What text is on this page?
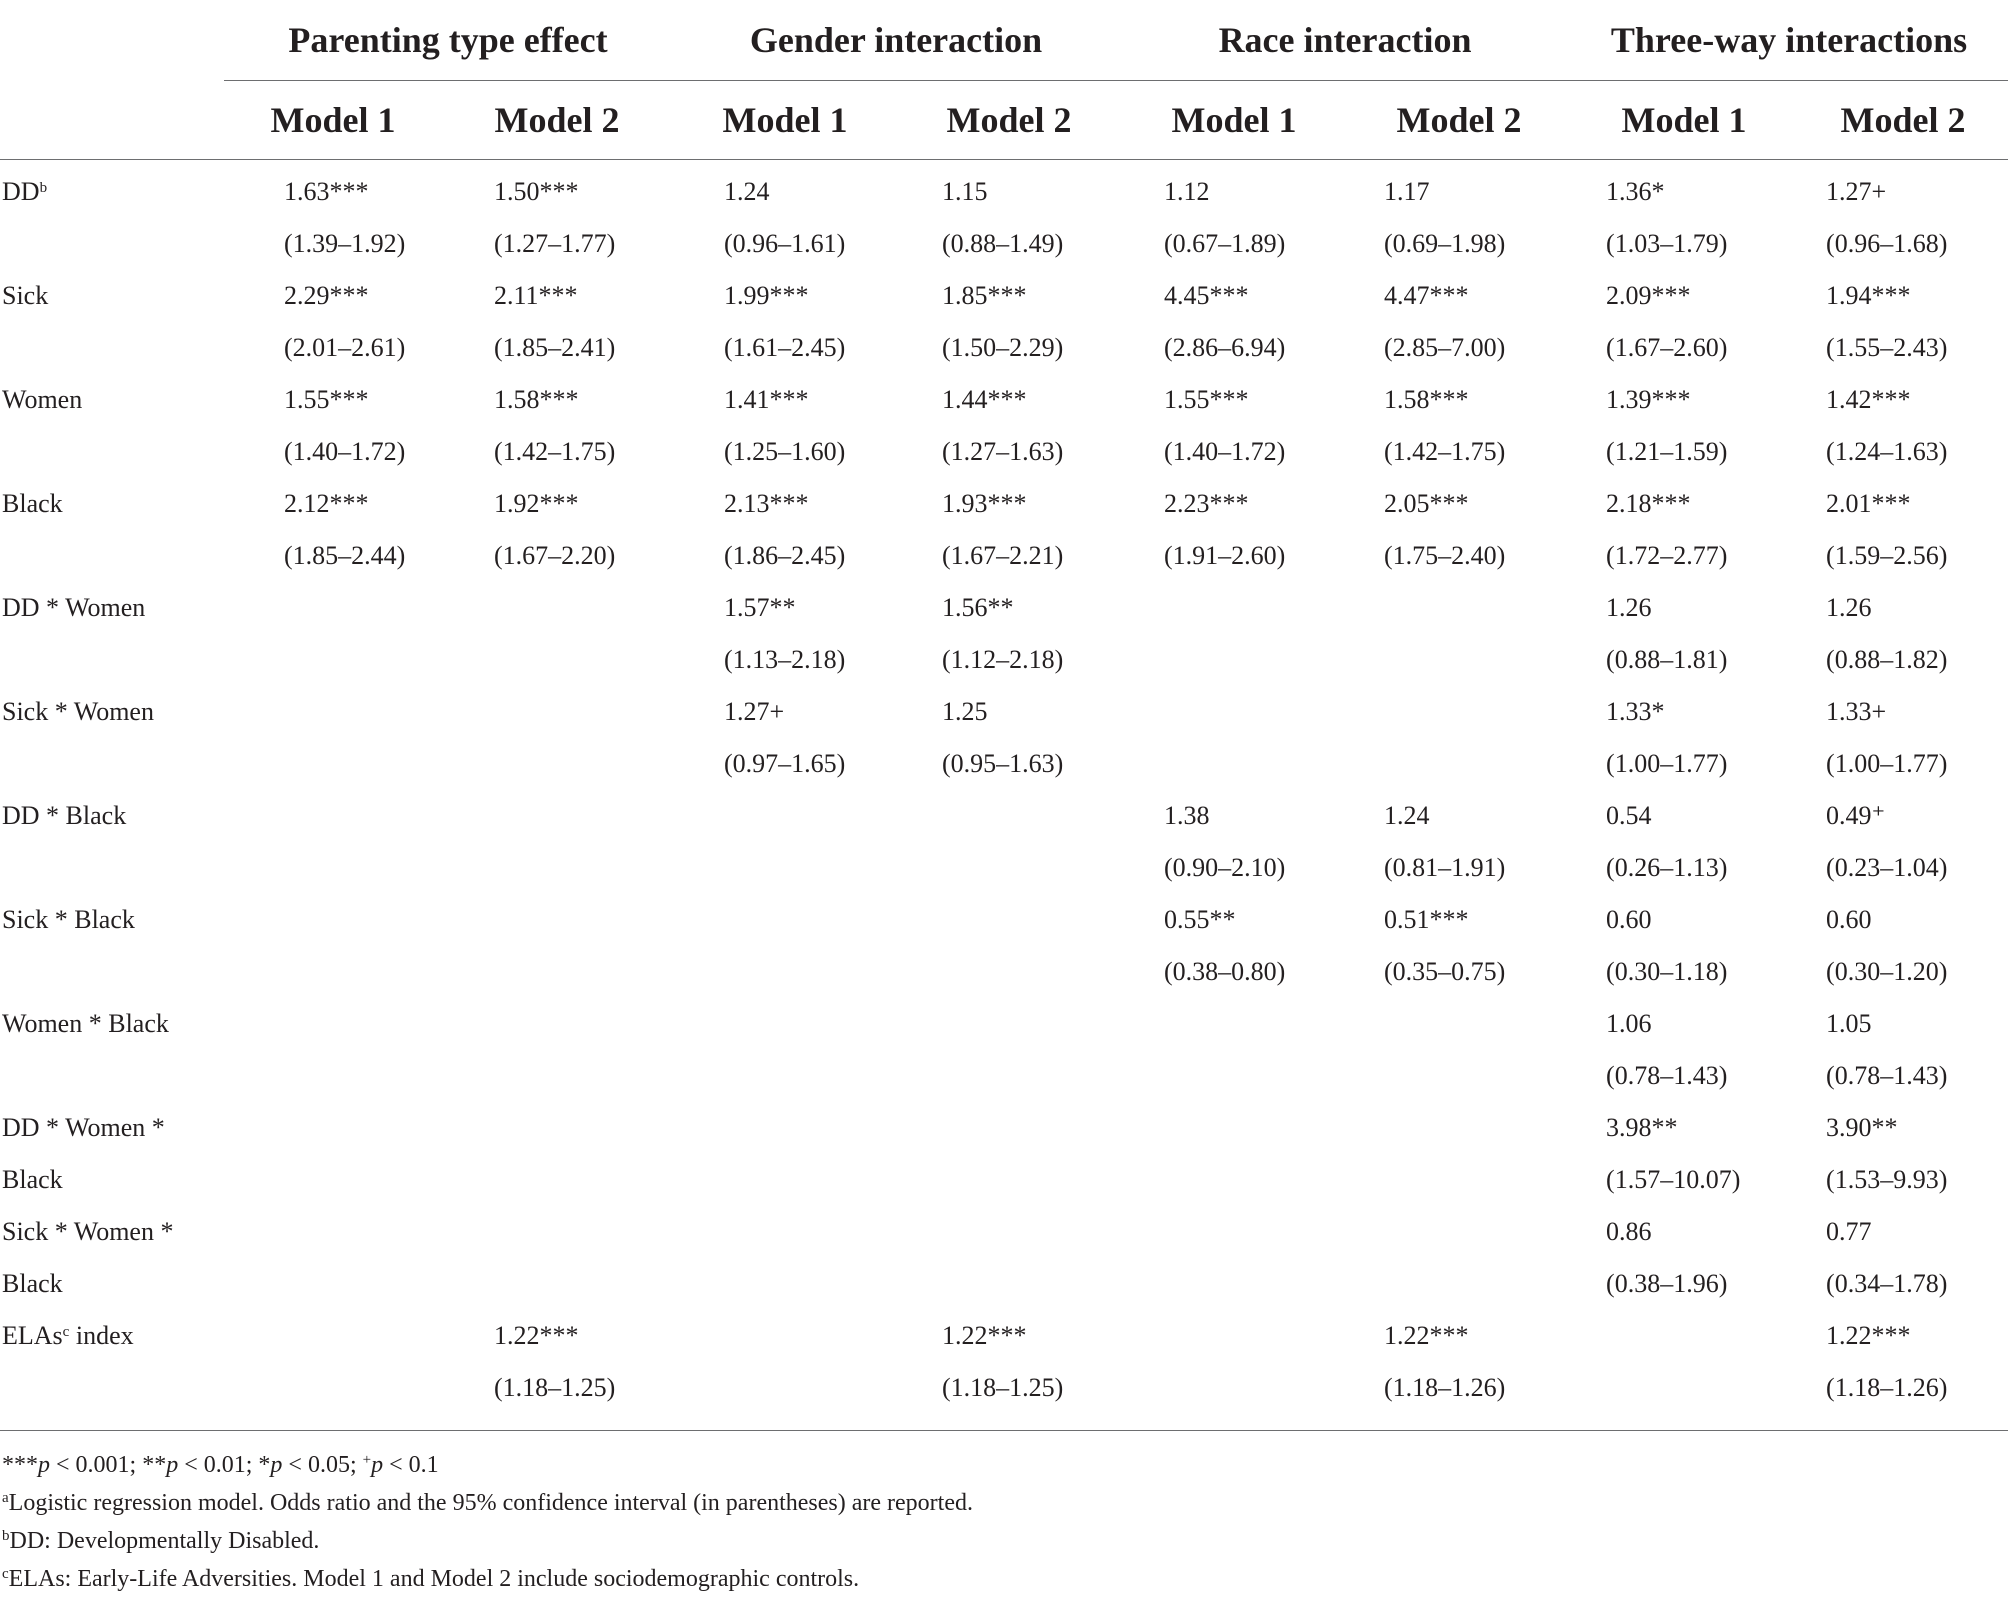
	Parenting type effect		Gender interaction		Race interaction		Three-way interactions	
	Model 1	Model 2	Model 1	Model 2	Model 1	Model 2	Model 1	Model 2
$DD^b$	1.63***	1.50***	1.24	1.15	1.12	1.17	1.36*	1.27+
	(1.39–1.92)	(1.27–1.77)	(0.96–1.61)	(0.88–1.49)	(0.67–1.89)	(0.69–1.98)	(1.03–1.79)	(0.96–1.68)
Sick	2.29***	2.11***	1.99***	1.85***	4.45***	4.47***	2.09***	1.94***
	(2.01–2.61)	(1.85–2.41)	(1.61–2.45)	(1.50–2.29)	(2.86–6.94)	(2.85–7.00)	(1.67–2.60)	(1.55–2.43)
Women	1.55***	1.58***	1.41***	1.44***	1.55***	1.58***	1.39***	1.42***
	(1.40–1.72)	(1.42–1.75)	(1.25–1.60)	(1.27–1.63)	(1.40–1.72)	(1.42–1.75)	(1.21–1.59)	(1.24–1.63)
Black	2.12***	1.92***	2.13***	1.93***	2.23***	2.05***	2.18***	2.01***
	(1.85–2.44)	(1.67–2.20)	(1.86–2.45)	(1.67–2.21)	(1.91–2.60)	(1.75–2.40)	(1.72–2.77)	(1.59–2.56)
DD * Women			1.57**	1.56**			1.26	1.26
			(1.13–2.18)	(1.12–2.18)			(0.88–1.81)	(0.88–1.82)
Sick * Women			1.27+	1.25			1.33*	1.33+
			(0.97–1.65)	(0.95–1.63)			(1.00–1.77)	(1.00–1.77)
DD * Black					1.38	1.24	0.54	0.49⁺
					(0.90–2.10)	(0.81–1.91)	(0.26–1.13)	(0.23–1.04)
Sick * Black					0.55**	0.51***	0.60	0.60
					(0.38–0.80)	(0.35–0.75)	(0.30–1.18)	(0.30–1.20)
Women * Black							1.06	1.05
							(0.78–1.43)	(0.78–1.43)
DD * Women *							3.98**	3.90**
Black							(1.57–10.07)	(1.53–9.93)
Sick * Women *							0.86	0.77
Black							(0.38–1.96)	(0.34–1.78)
ELAs$^c$ index		1.22***		1.22***		1.22***		1.22***
		(1.18–1.25)		(1.18–1.25)		(1.18–1.26)		(1.18–1.26)
***p < 0.001; **p < 0.01; *p < 0.05; +p < 0.1
$^a$Logistic regression model. Odds ratio and the 95% confidence interval (in parentheses) are reported.
$^b$DD: Developmentally Disabled.
$^c$ELAs: Early-Life Adversities. Model 1 and Model 2 include sociodemographic controls.
